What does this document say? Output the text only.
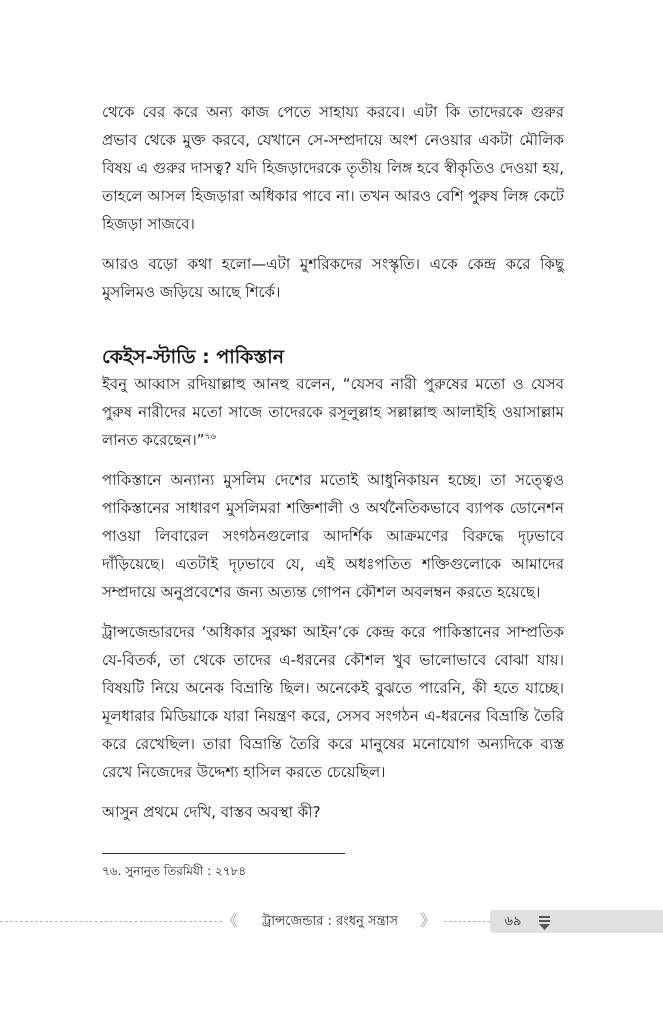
থেকে বের করে অন্য কাজ পেতে সাহায্য করবে। এটা কি তাদেরকে গুরুর প্রভাব থেকে মুক্ত করবে, যেখানে সে-সম্প্রদায়ে অংশ নেওয়ার একটা মৌলিক বিষয় এ গুরুর দাসত্ব? যদি হিজড়াদেরকে তৃতীয় লিঙ্গ হবে স্বীকৃতিও দেওয়া হয়, তাহলে আসল হিজড়ারা অধিকার পাবে না। তখন আরও বেশি পুরুষ লিঙ্গ কেটে হিজড়া সাজবে।

আরও বড়ো কথা হলো—এটা মুশরিকদের সংস্কৃতি। একে কেন্দ্র করে কিছু মুসলিমও জড়িয়ে আছে শির্কে।

কেইস-স্টাডি : পাকিস্তান

ইবনু আব্বাস রদিয়াল্লাহু আনহু বলেন, “যেসব নারী পুরুষের মতো ও যেসব পুরুষ নারীদের মতো সাজে তাদেরকে রসূলুল্লাহ সল্লাল্লাহু আলাইহি ওয়াসাল্লাম লানত করেছেন।”$^{৭৬}$

পাকিস্তানে অন্যান্য মুসলিম দেশের মতোই আধুনিকায়ন হচ্ছে। তা সত্ত্বেও পাকিস্তানের সাধারণ মুসলিমরা শক্তিশালী ও অর্থনৈতিকভাবে ব্যাপক ডোনেশন পাওয়া লিবারেল সংগঠনগুলোর আদর্শিক আক্রমণের বিরুদ্ধে দৃঢ়ভাবে দাঁড়িয়েছে। এতটাই দৃঢ়ভাবে যে, এই অধঃপতিত শক্তিগুলোকে আমাদের সম্প্রদায়ে অনুপ্রবেশের জন্য অত্যন্ত গোপন কৌশল অবলম্বন করতে হয়েছে।

ট্রান্সজেন্ডারদের ‘অধিকার সুরক্ষা আইন’কে কেন্দ্র করে পাকিস্তানের সাম্প্রতিক যে-বিতর্ক, তা থেকে তাদের এ-ধরনের কৌশল খুব ভালোভাবে বোঝা যায়। বিষয়টি নিয়ে অনেক বিভ্রান্তি ছিল। অনেকেই বুঝতে পারেনি, কী হতে যাচ্ছে। মূলধারার মিডিয়াকে যারা নিয়ন্ত্রণ করে, সেসব সংগঠন এ-ধরনের বিভ্রান্তি তৈরি করে রেখেছিল। তারা বিভ্রান্তি তৈরি করে মানুষের মনোযোগ অন্যদিকে ব্যস্ত রেখে নিজেদের উদ্দেশ্য হাসিল করতে চেয়েছিল।

আসুন প্রথমে দেখি, বাস্তব অবস্থা কী?

৭৬. সুনানুত তিরমিযী : ২৭৮৪
《	ট্রান্সজেন্ডার : রংধনু সন্ত্রাস	》	৬৯
